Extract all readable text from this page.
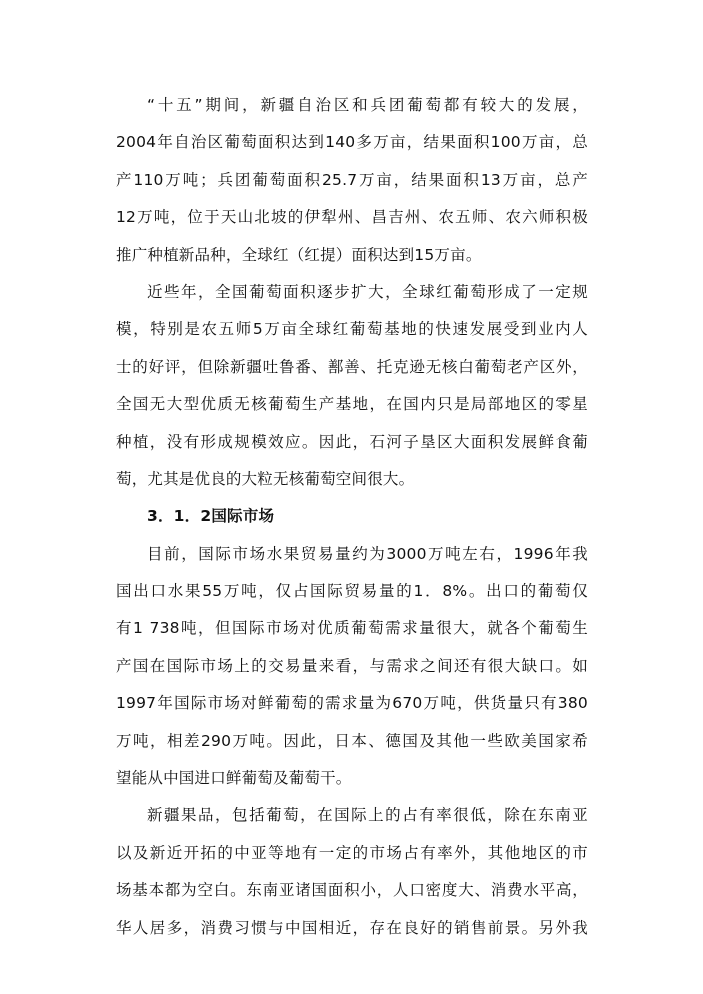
“十五”期间，新疆自治区和兵团葡萄都有较大的发展，
2004年自治区葡萄面积达到140多万亩，结果面积100万亩，总
产110万吨；兵团葡萄面积25.7万亩，结果面积13万亩，总产
12万吨，位于天山北坡的伊犁州、昌吉州、农五师、农六师积极
推广种植新品种，全球红（红提）面积达到15万亩。
近些年，全国葡萄面积逐步扩大，全球红葡萄形成了一定规
模，特别是农五师5万亩全球红葡萄基地的快速发展受到业内人
士的好评，但除新疆吐鲁番、鄯善、托克逊无核白葡萄老产区外，
全国无大型优质无核葡萄生产基地，在国内只是局部地区的零星
种植，没有形成规模效应。因此，石河子垦区大面积发展鲜食葡
萄，尤其是优良的大粒无核葡萄空间很大。
3．1．2国际市场
目前，国际市场水果贸易量约为3000万吨左右，1996年我
国出口水果55万吨，仅占国际贸易量的1．8%。出口的葡萄仅
有1 738吨，但国际市场对优质葡萄需求量很大，就各个葡萄生
产国在国际市场上的交易量来看，与需求之间还有很大缺口。如
1997年国际市场对鲜葡萄的需求量为670万吨，供货量只有380
万吨，相差290万吨。因此，日本、德国及其他一些欧美国家希
望能从中国进口鲜葡萄及葡萄干。
新疆果品，包括葡萄，在国际上的占有率很低，除在东南亚
以及新近开拓的中亚等地有一定的市场占有率外，其他地区的市
场基本都为空白。东南亚诸国面积小，人口密度大、消费水平高，
华人居多，消费习惯与中国相近，存在良好的销售前景。另外我
